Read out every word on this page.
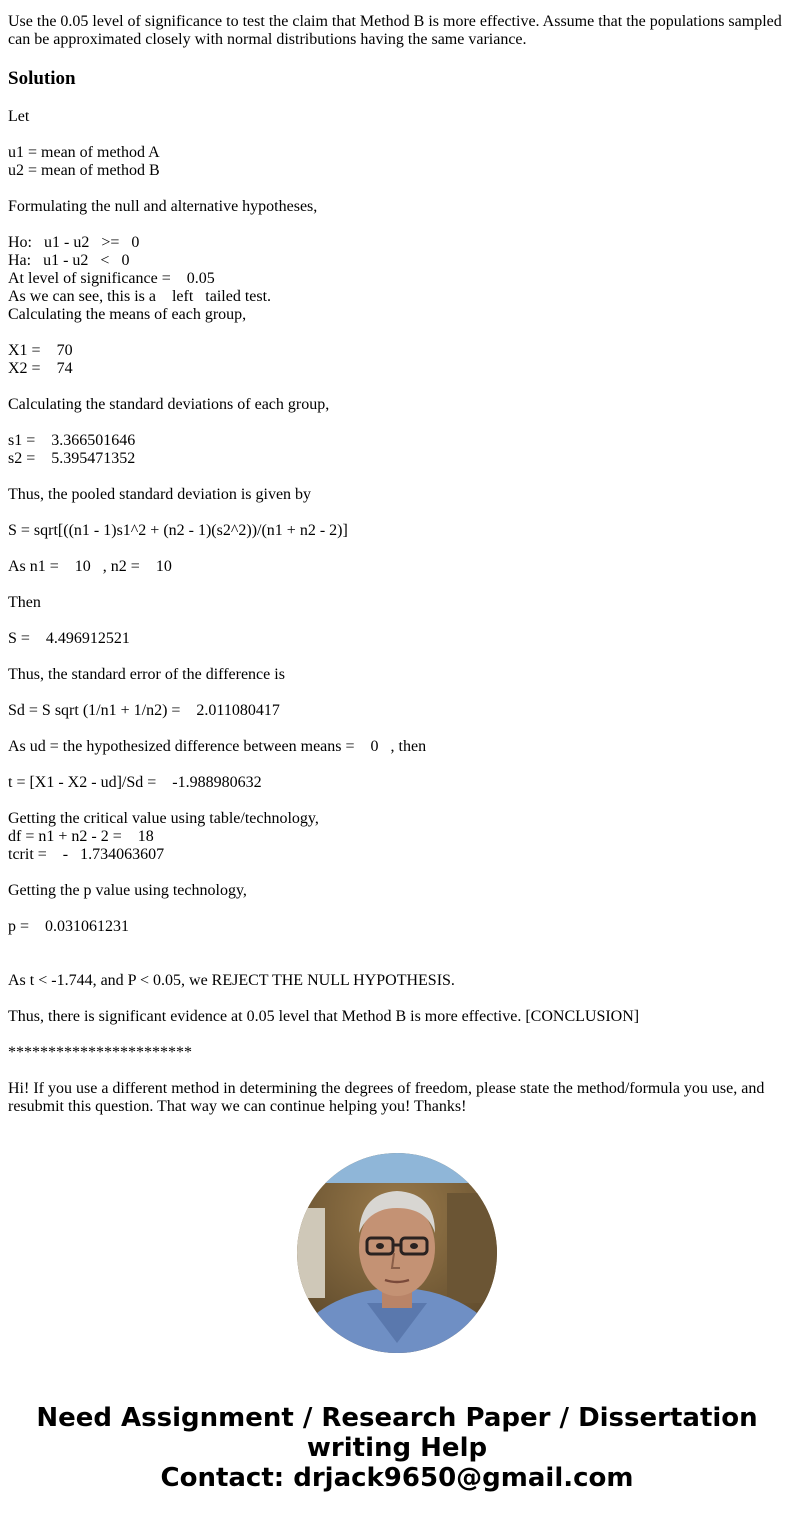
Use the 0.05 level of significance to test the claim that Method B is more effective. Assume that the populations sampled can be approximated closely with normal distributions having the same variance.

Solution
Let
u1 = mean of method A
u2 = mean of method B
Formulating the null and alternative hypotheses,
Ho:   u1 - u2   >=   0
Ha:   u1 - u2   <   0
At level of significance =    0.05
As we can see, this is a    left   tailed test.
Calculating the means of each group,
X1 =    70
X2 =    74
Calculating the standard deviations of each group,
s1 =    3.366501646
s2 =    5.395471352
Thus, the pooled standard deviation is given by
S = sqrt[((n1 - 1)s1^2 + (n2 - 1)(s2^2))/(n1 + n2 - 2)]
As n1 =    10   , n2 =    10
Then
S =    4.496912521
Thus, the standard error of the difference is
Sd = S sqrt (1/n1 + 1/n2) =    2.011080417
As ud = the hypothesized difference between means =    0   , then
t = [X1 - X2 - ud]/Sd =    -1.988980632
Getting the critical value using table/technology,
df = n1 + n2 - 2 =    18
tcrit =    -   1.734063607
Getting the p value using technology,
p =    0.031061231
As t < -1.744, and P < 0.05, we REJECT THE NULL HYPOTHESIS.
Thus, there is significant evidence at 0.05 level that Method B is more effective. [CONCLUSION]
***********************
Hi! If you use a different method in determining the degrees of freedom, please state the method/formula you use, and resubmit this question. That way we can continue helping you! Thanks!
Need Assignment / Research Paper / Dissertation
writing Help
Contact: drjack9650@gmail.com
